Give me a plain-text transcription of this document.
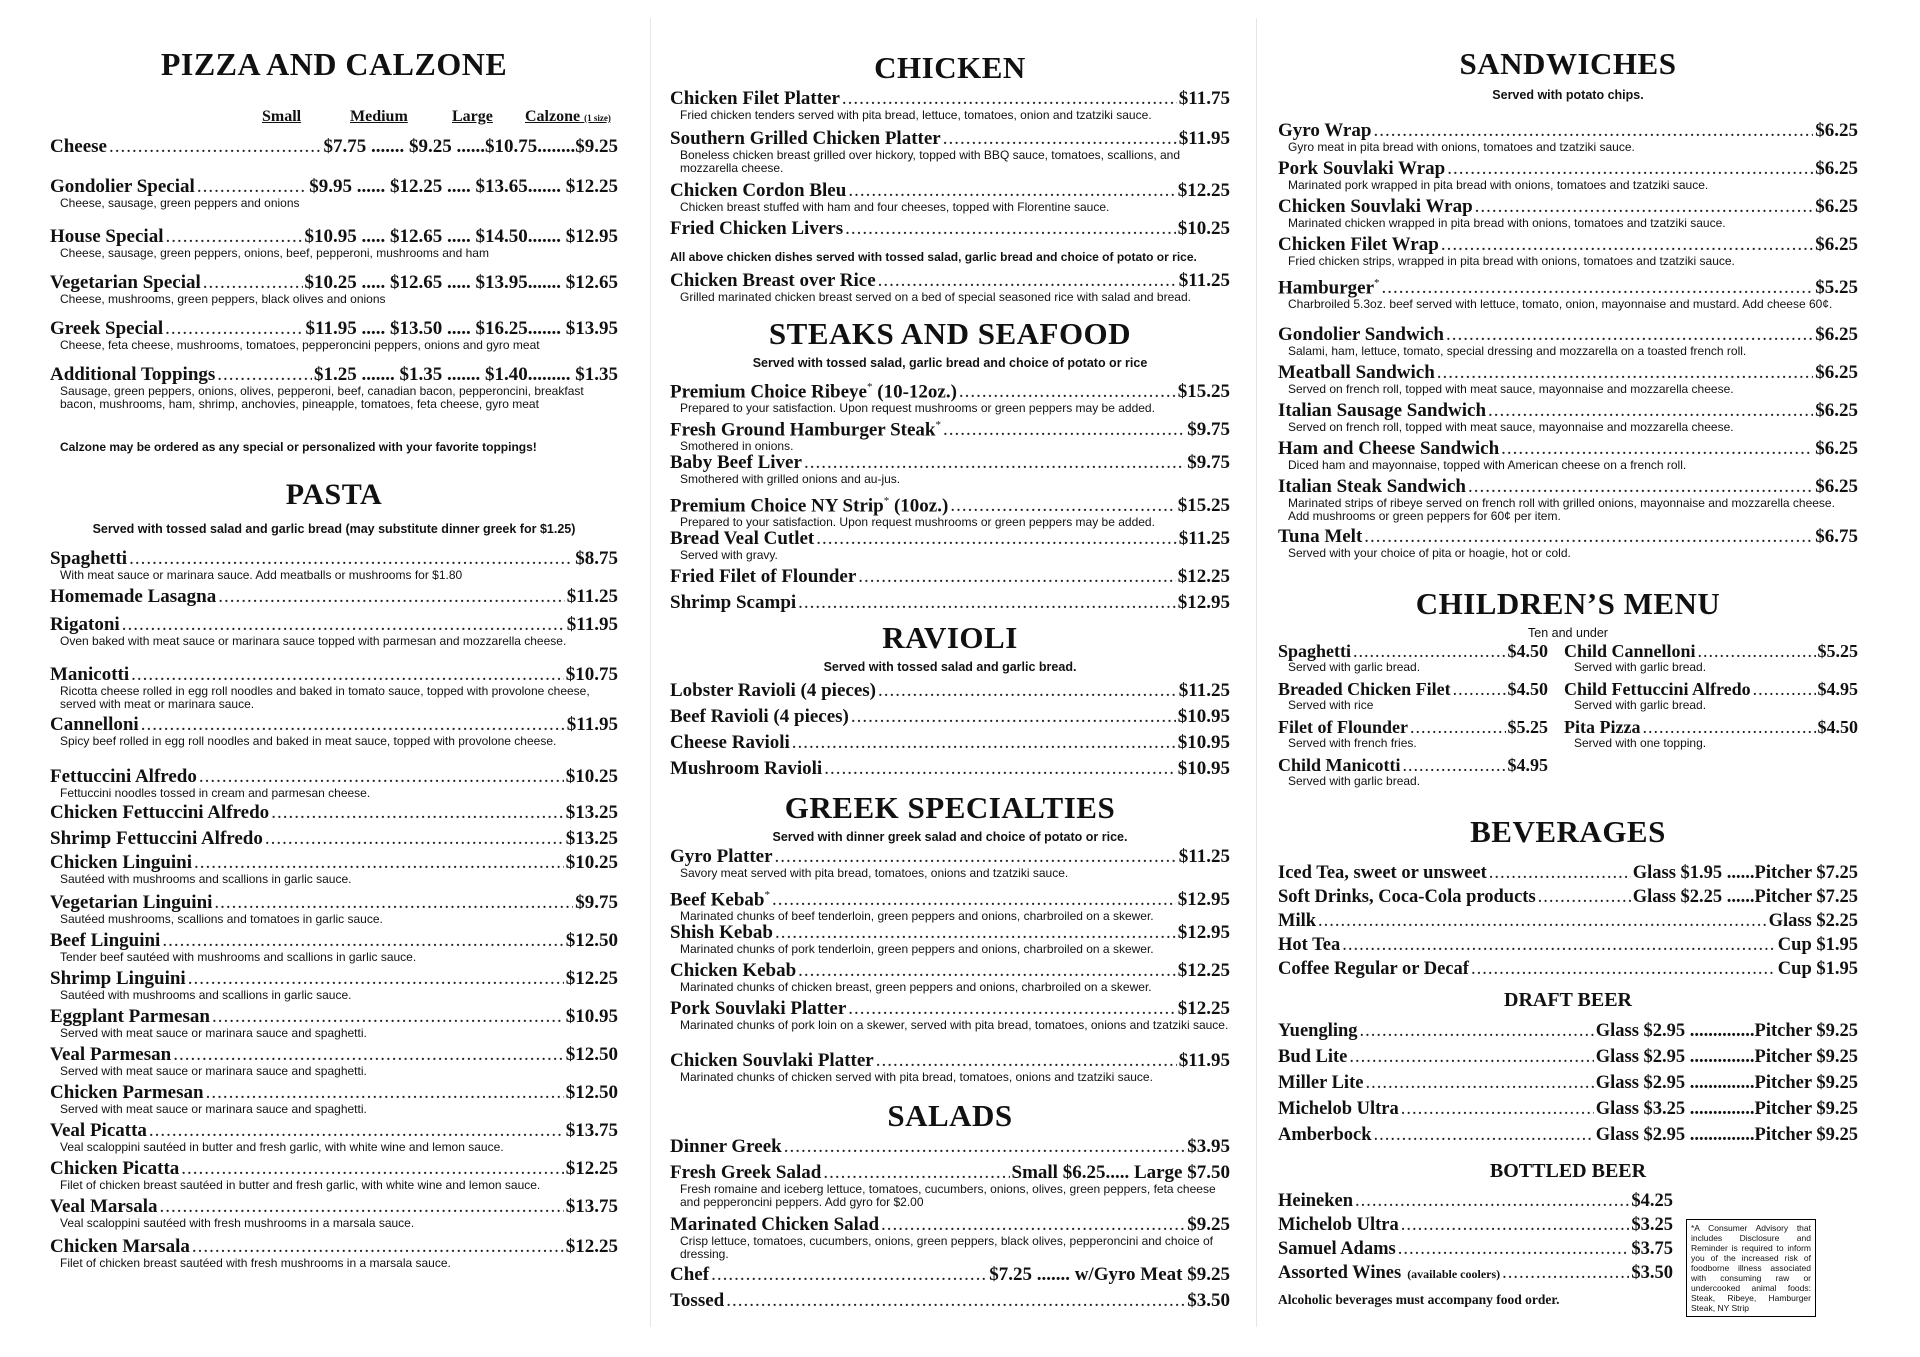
PIZZA AND CALZONE
Small	Medium	Large Calzone (1 size)
Cheese .....	$7.75 ....... $9.25 ......$10.75........$9.25
Gondolier Special .....	$9.95 ...... $12.25 ..... $13.65....... $12.25
Cheese, sausage, green peppers and onions
House Special .....	$10.95 ..... $12.65 ..... $14.50....... $12.95
Cheese, sausage, green peppers, onions, beef, pepperoni, mushrooms and ham
Vegetarian Special .....	$10.25 ..... $12.65 ..... $13.95....... $12.65
Cheese, mushrooms, green peppers, black olives and onions
Greek Special .....	$11.95 ..... $13.50 ..... $16.25....... $13.95
Cheese, feta cheese, mushrooms, tomatoes, pepperoncini peppers, onions and gyro meat
Additional Toppings .....	$1.25 ....... $1.35 ....... $1.40......... $1.35
Sausage, green peppers, onions, olives, pepperoni, beef, canadian bacon, pepperoncini, breakfast bacon, mushrooms, ham, shrimp, anchovies, pineapple, tomatoes, feta cheese, gyro meat
Calzone may be ordered as any special or personalized with your favorite toppings!
PASTA
Served with tossed salad and garlic bread (may substitute dinner greek for $1.25)
Spaghetti .....	$8.75
With meat sauce or marinara sauce. Add meatballs or mushrooms for $1.80
Homemade Lasagna .....	$11.25
Rigatoni .....	$11.95
Oven baked with meat sauce or marinara sauce topped with parmesan and mozzarella cheese.
Manicotti .....	$10.75
Ricotta cheese rolled in egg roll noodles and baked in tomato sauce, topped with provolone cheese, served with meat or marinara sauce.
Cannelloni .....	$11.95
Spicy beef rolled in egg roll noodles and baked in meat sauce, topped with provolone cheese.
Fettuccini Alfredo .....	$10.25
Fettuccini noodles tossed in cream and parmesan cheese.
Chicken Fettuccini Alfredo .....	$13.25
Shrimp Fettuccini Alfredo .....	$13.25
Chicken Linguini .....	$10.25
Sautéed with mushrooms and scallions in garlic sauce.
Vegetarian Linguini .....	$9.75
Sautéed mushrooms, scallions and tomatoes in garlic sauce.
Beef Linguini .....	$12.50
Tender beef sautéed with mushrooms and scallions in garlic sauce.
Shrimp Linguini .....	$12.25
Sautéed with mushrooms and scallions in garlic sauce.
Eggplant Parmesan .....	$10.95
Served with meat sauce or marinara sauce and spaghetti.
Veal Parmesan .....	$12.50
Served with meat sauce or marinara sauce and spaghetti.
Chicken Parmesan .....	$12.50
Served with meat sauce or marinara sauce and spaghetti.
Veal Picatta .....	$13.75
Veal scaloppini sautéed in butter and fresh garlic, with white wine and lemon sauce.
Chicken Picatta .....	$12.25
Filet of chicken breast sautéed in butter and fresh garlic, with white wine and lemon sauce.
Veal Marsala .....	$13.75
Veal scaloppini sautéed with fresh mushrooms in a marsala sauce.
Chicken Marsala .....	$12.25
Filet of chicken breast sautéed with fresh mushrooms in a marsala sauce.
CHICKEN
Chicken Filet Platter .....	$11.75
Fried chicken tenders served with pita bread, lettuce, tomatoes, onion and tzatziki sauce.
Southern Grilled Chicken Platter .....	$11.95
Boneless chicken breast grilled over hickory, topped with BBQ sauce, tomatoes, scallions, and mozzarella cheese.
Chicken Cordon Bleu .....	$12.25
Chicken breast stuffed with ham and four cheeses, topped with Florentine sauce.
Fried Chicken Livers .....	$10.25
All above chicken dishes served with tossed salad, garlic bread and choice of potato or rice.
Chicken Breast over Rice .....	$11.25
Grilled marinated chicken breast served on a bed of special seasoned rice with salad and bread.
STEAKS AND SEAFOOD
Served with tossed salad, garlic bread and choice of potato or rice
Premium Choice Ribeye* (10-12oz.) .....	$15.25
Prepared to your satisfaction. Upon request mushrooms or green peppers may be added.
Fresh Ground Hamburger Steak* .....	$9.75
Smothered in onions.
Baby Beef Liver .....	$9.75
Smothered with grilled onions and au-jus.
Premium Choice NY Strip* (10oz.) .....	$15.25
Prepared to your satisfaction. Upon request mushrooms or green peppers may be added.
Bread Veal Cutlet .....	$11.25
Served with gravy.
Fried Filet of Flounder .....	$12.25
Shrimp Scampi .....	$12.95
RAVIOLI
Served with tossed salad and garlic bread.
Lobster Ravioli (4 pieces) .....	$11.25
Beef Ravioli (4 pieces) .....	$10.95
Cheese Ravioli .....	$10.95
Mushroom Ravioli .....	$10.95
GREEK SPECIALTIES
Served with dinner greek salad and choice of potato or rice.
Gyro Platter .....	$11.25
Savory meat served with pita bread, tomatoes, onions and tzatziki sauce.
Beef Kebab* .....	$12.95
Marinated chunks of beef tenderloin, green peppers and onions, charbroiled on a skewer.
Shish Kebab .....	$12.95
Marinated chunks of pork tenderloin, green peppers and onions, charbroiled on a skewer.
Chicken Kebab .....	$12.25
Marinated chunks of chicken breast, green peppers and onions, charbroiled on a skewer.
Pork Souvlaki Platter .....	$12.25
Marinated chunks of pork loin on a skewer, served with pita bread, tomatoes, onions and tzatziki sauce.
Chicken Souvlaki Platter .....	$11.95
Marinated chunks of chicken served with pita bread, tomatoes, onions and tzatziki sauce.
SALADS
Dinner Greek .....	$3.95
Fresh Greek Salad .....	Small $6.25..... Large $7.50
Fresh romaine and iceberg lettuce, tomatoes, cucumbers, onions, olives, green peppers, feta cheese and pepperoncini peppers. Add gyro for $2.00
Marinated Chicken Salad .....	$9.25
Crisp lettuce, tomatoes, cucumbers, onions, green peppers, black olives, pepperoncini and choice of dressing.
Chef .....	$7.25 ....... w/Gyro Meat $9.25
Tossed .....	$3.50
SANDWICHES
Served with potato chips.
Gyro Wrap .....	$6.25
Gyro meat in pita bread with onions, tomatoes and tzatziki sauce.
Pork Souvlaki Wrap .....	$6.25
Marinated pork wrapped in pita bread with onions, tomatoes and tzatziki sauce.
Chicken Souvlaki Wrap .....	$6.25
Marinated chicken wrapped in pita bread with onions, tomatoes and tzatziki sauce.
Chicken Filet Wrap .....	$6.25
Fried chicken strips, wrapped in pita bread with onions, tomatoes and tzatziki sauce.
Hamburger* .....	$5.25
Charbroiled 5.3oz. beef served with lettuce, tomato, onion, mayonnaise and mustard. Add cheese 60¢.
Gondolier Sandwich .....	$6.25
Salami, ham, lettuce, tomato, special dressing and mozzarella on a toasted french roll.
Meatball Sandwich .....	$6.25
Served on french roll, topped with meat sauce, mayonnaise and mozzarella cheese.
Italian Sausage Sandwich .....	$6.25
Served on french roll, topped with meat sauce, mayonnaise and mozzarella cheese.
Ham and Cheese Sandwich .....	$6.25
Diced ham and mayonnaise, topped with American cheese on a french roll.
Italian Steak Sandwich .....	$6.25
Marinated strips of ribeye served on french roll with grilled onions, mayonnaise and mozzarella cheese. Add mushrooms or green peppers for 60¢ per item.
Tuna Melt .....	$6.75
Served with your choice of pita or hoagie, hot or cold.
CHILDREN’S MENU
Ten and under
Spaghetti .....	$4.50
Served with garlic bread.
Breaded Chicken Filet .....	$4.50
Served with rice
Filet of Flounder .....	$5.25
Served with french fries.
Child Manicotti .....	$4.95
Served with garlic bread.
Child Cannelloni .....	$5.25
Served with garlic bread.
Child Fettuccini Alfredo .....	$4.95
Served with garlic bread.
Pita Pizza .....	$4.50
Served with one topping.
BEVERAGES
Iced Tea, sweet or unsweet .....	Glass $1.95 ......Pitcher $7.25
Soft Drinks, Coca-Cola products .....	Glass $2.25 ......Pitcher $7.25
Milk .....	Glass $2.25
Hot Tea .....	Cup $1.95
Coffee Regular or Decaf .....	Cup $1.95
DRAFT BEER
Yuengling .....	Glass $2.95 ..............Pitcher $9.25
Bud Lite .....	Glass $2.95 ..............Pitcher $9.25
Miller Lite .....	Glass $2.95 ..............Pitcher $9.25
Michelob Ultra .....	Glass $3.25 ..............Pitcher $9.25
Amberbock .....	Glass $2.95 ..............Pitcher $9.25
BOTTLED BEER
Heineken .....	$4.25
Michelob Ultra .....	$3.25
Samuel Adams .....	$3.75
Assorted Wines (available coolers) .....	$3.50
Alcoholic beverages must accompany food order.
*A Consumer Advisory that includes Disclosure and Reminder is required to inform you of the increased risk of foodborne illness associated with consuming raw or undercooked animal foods: Steak, Ribeye, Hamburger Steak, NY Strip
